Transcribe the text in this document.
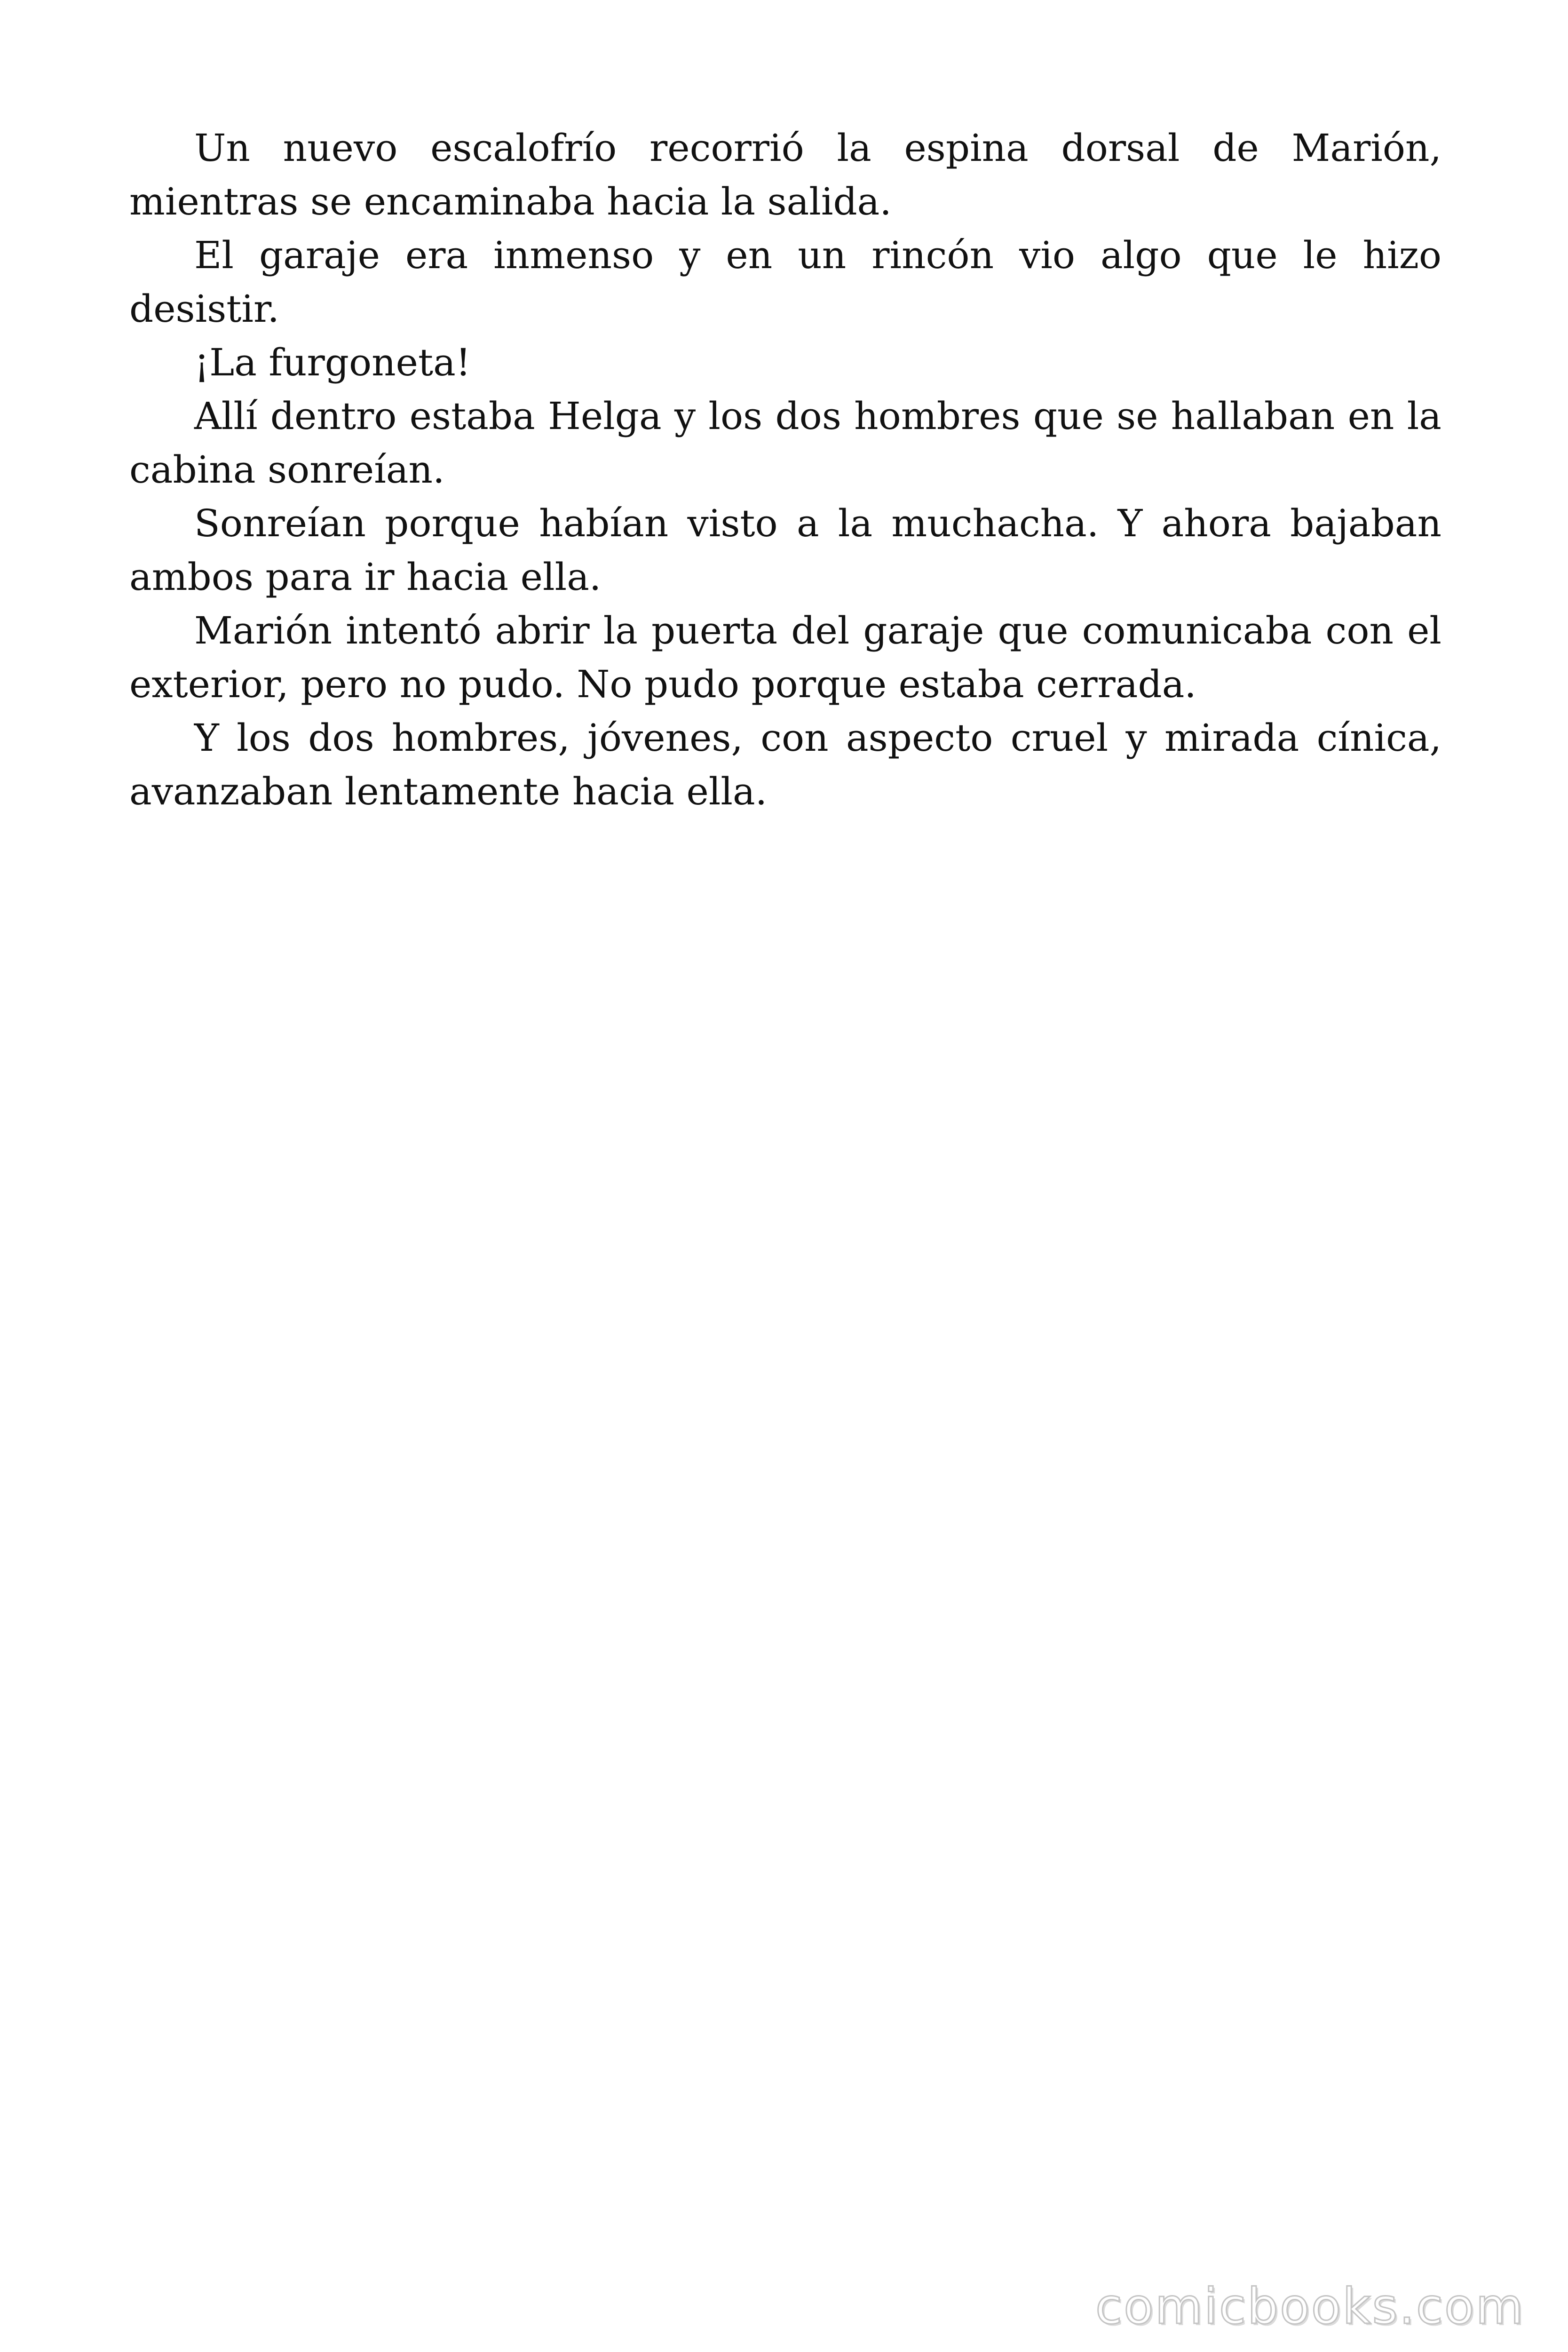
Un nuevo escalofrío recorrió la espina dorsal de Marión, mientras se encaminaba hacia la salida.

El garaje era inmenso y en un rincón vio algo que le hizo desistir.

¡La furgoneta!

Allí dentro estaba Helga y los dos hombres que se hallaban en la cabina sonreían.

Sonreían porque habían visto a la muchacha. Y ahora bajaban ambos para ir hacia ella.

Marión intentó abrir la puerta del garaje que comunicaba con el exterior, pero no pudo. No pudo porque estaba cerrada.

Y los dos hombres, jóvenes, con aspecto cruel y mirada cínica, avanzaban lentamente hacia ella.

comicbooks.com
